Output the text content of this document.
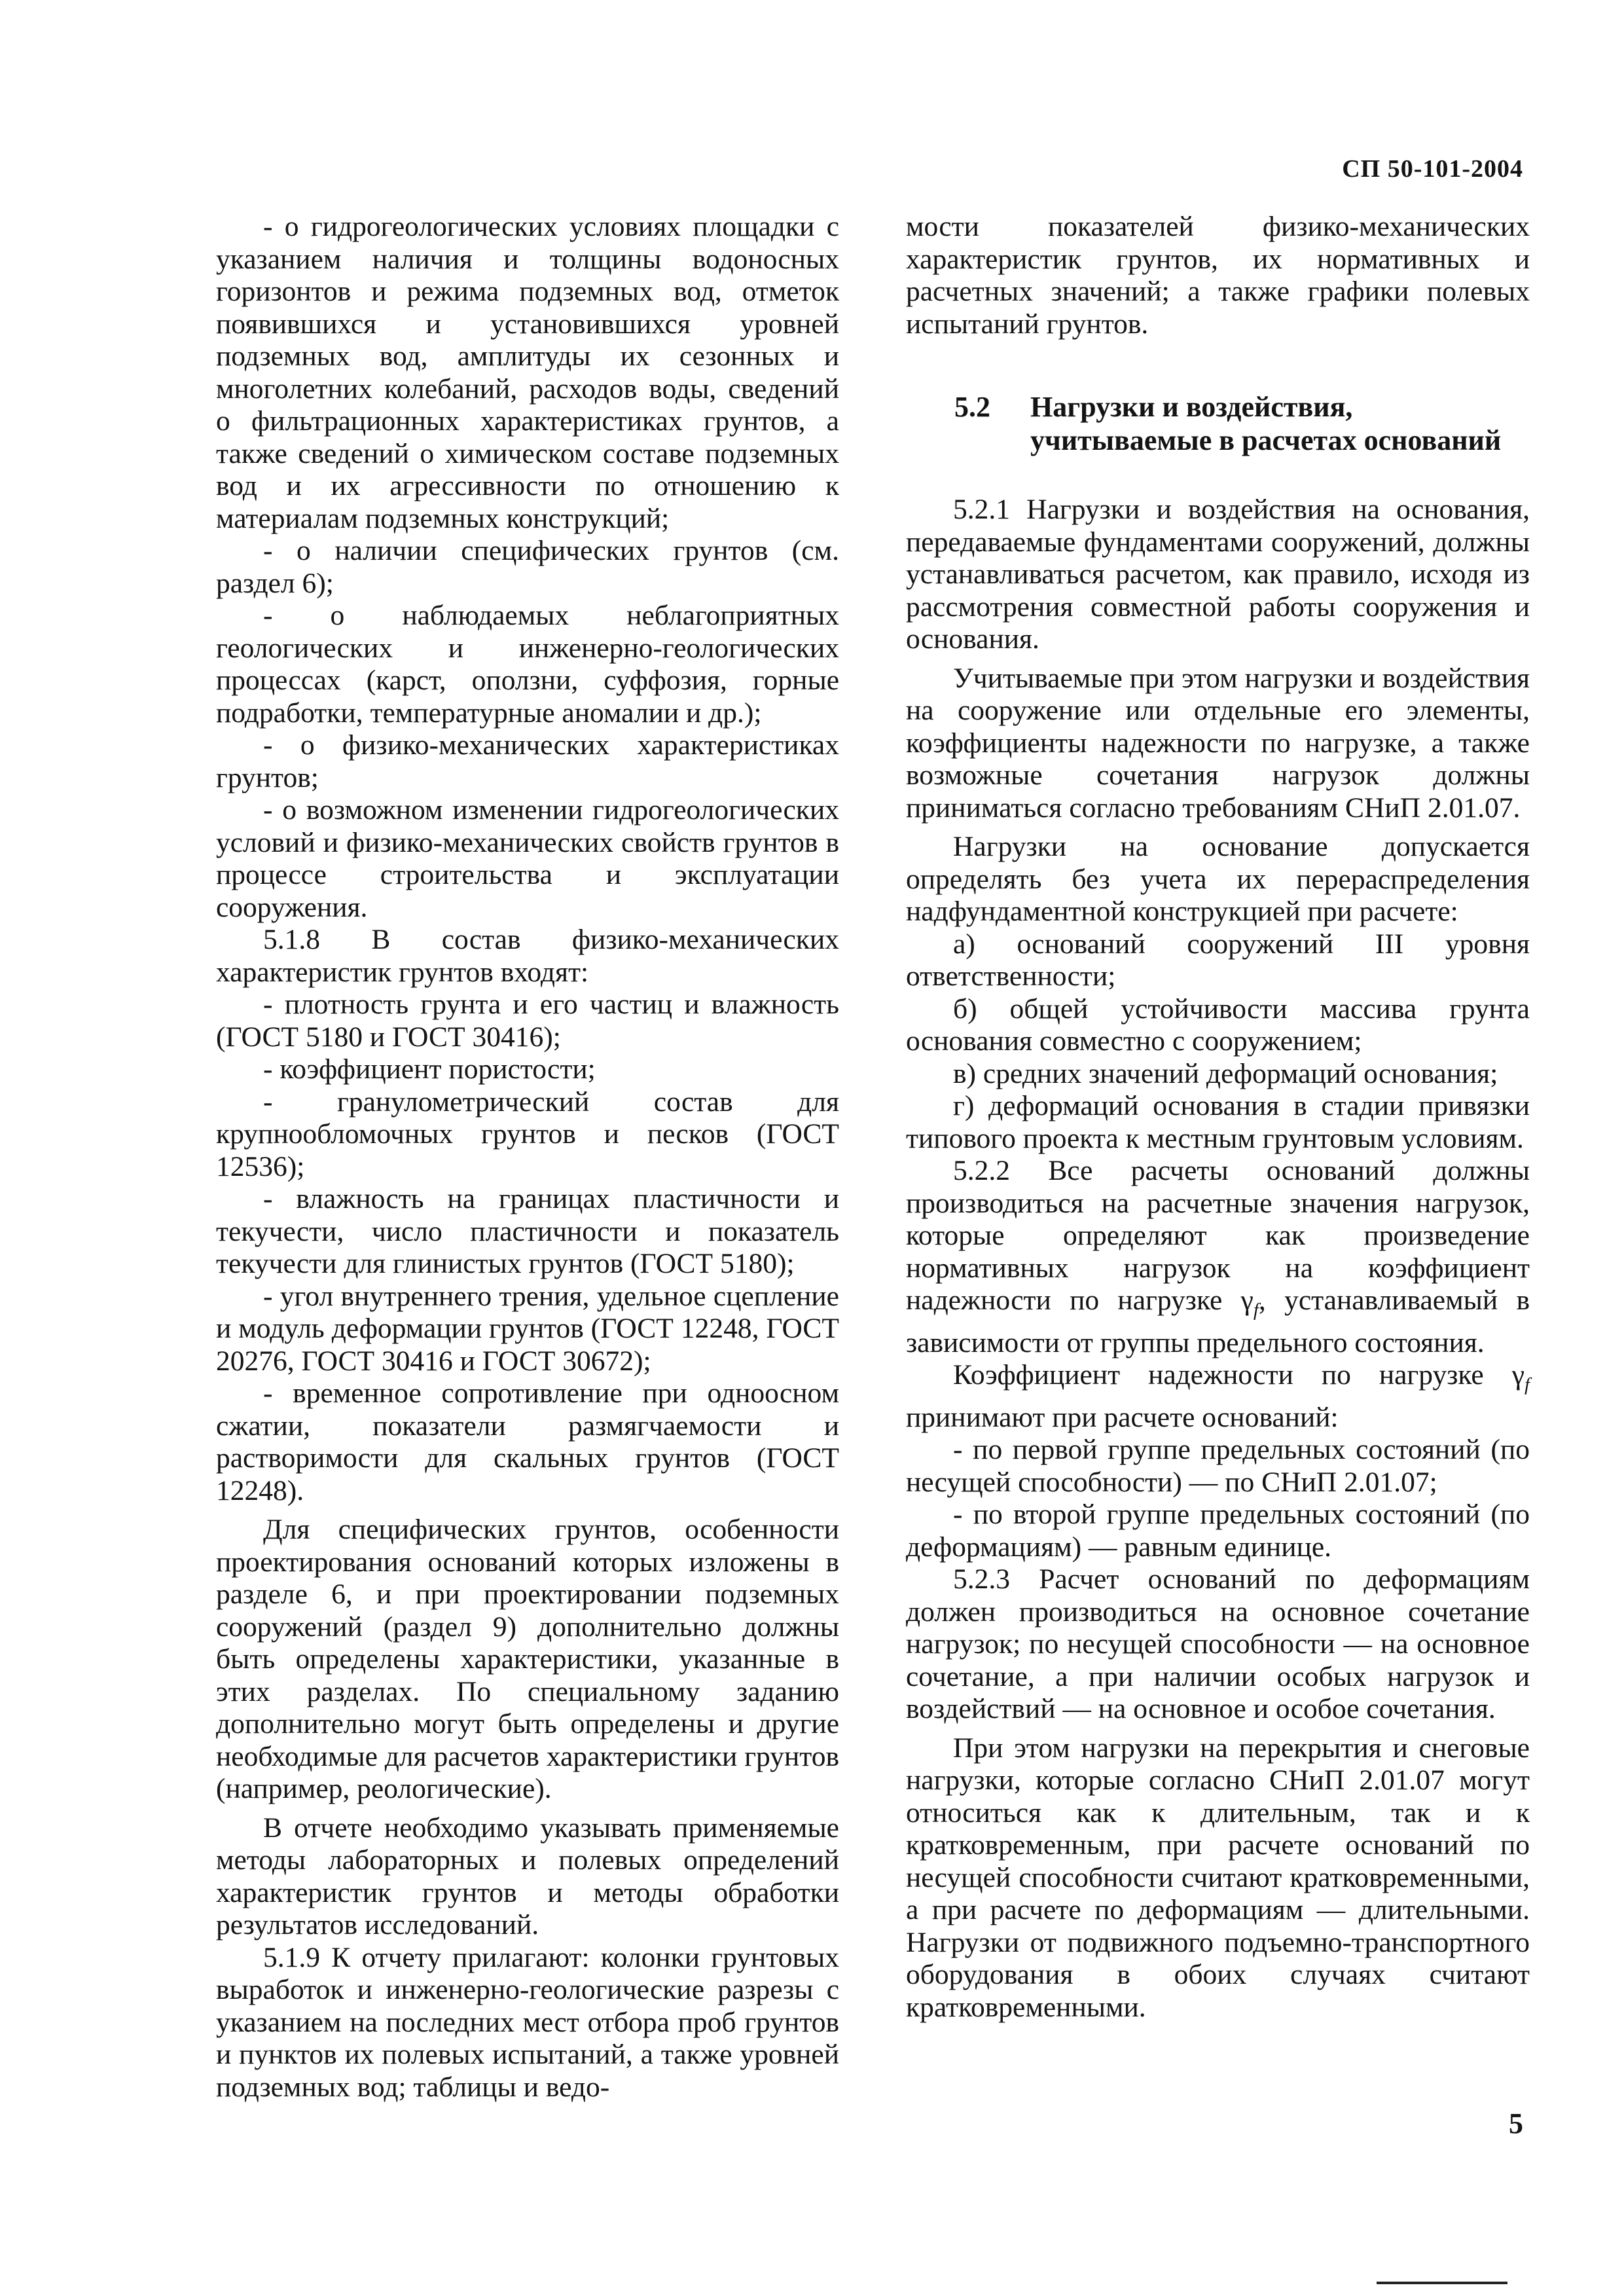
СП 50-101-2004

- о гидрогеологических условиях площадки с указанием наличия и толщины водоносных горизонтов и режима подземных вод, отметок появившихся и установившихся уровней подземных вод, амплитуды их сезонных и многолетних колебаний, расходов воды, сведений о фильтрационных характеристиках грунтов, а также сведений о химическом составе подземных вод и их агрессивности по отношению к материалам подземных конструкций;

- о наличии специфических грунтов (см. раздел 6);

- о наблюдаемых неблагоприятных геологических и инженерно-геологических процессах (карст, оползни, суффозия, горные подработки, температурные аномалии и др.);

- о физико-механических характеристиках грунтов;

- о возможном изменении гидрогеологических условий и физико-механических свойств грунтов в процессе строительства и эксплуатации сооружения.

5.1.8 В состав физико-механических характеристик грунтов входят:

- плотность грунта и его частиц и влажность (ГОСТ 5180 и ГОСТ 30416);

- коэффициент пористости;

- гранулометрический состав для крупнообломочных грунтов и песков (ГОСТ 12536);

- влажность на границах пластичности и текучести, число пластичности и показатель текучести для глинистых грунтов (ГОСТ 5180);

- угол внутреннего трения, удельное сцепление и модуль деформации грунтов (ГОСТ 12248, ГОСТ 20276, ГОСТ 30416 и ГОСТ 30672);

- временное сопротивление при одноосном сжатии, показатели размягчаемости и растворимости для скальных грунтов (ГОСТ 12248).

Для специфических грунтов, особенности проектирования оснований которых изложены в разделе 6, и при проектировании подземных сооружений (раздел 9) дополнительно должны быть определены характеристики, указанные в этих разделах. По специальному заданию дополнительно могут быть определены и другие необходимые для расчетов характеристики грунтов (например, реологические).

В отчете необходимо указывать применяемые методы лабораторных и полевых определений характеристик грунтов и методы обработки результатов исследований.

5.1.9 К отчету прилагают: колонки грунтовых выработок и инженерно-геологические разрезы с указанием на последних мест отбора проб грунтов и пунктов их полевых испытаний, а также уровней подземных вод; таблицы и ведо-

мости показателей физико-механических характеристик грунтов, их нормативных и расчетных значений; а также графики полевых испытаний грунтов.

5.2	Нагрузки и воздействия, учитываемые в расчетах оснований

5.2.1 Нагрузки и воздействия на основания, передаваемые фундаментами сооружений, должны устанавливаться расчетом, как правило, исходя из рассмотрения совместной работы сооружения и основания.

Учитываемые при этом нагрузки и воздействия на сооружение или отдельные его элементы, коэффициенты надежности по нагрузке, а также возможные сочетания нагрузок должны приниматься согласно требованиям СНиП 2.01.07.

Нагрузки на основание допускается определять без учета их перераспределения надфундаментной конструкцией при расчете:

а) оснований сооружений III уровня ответственности;

б) общей устойчивости массива грунта основания совместно с сооружением;

в) средних значений деформаций основания;

г) деформаций основания в стадии привязки типового проекта к местным грунтовым условиям.

5.2.2 Все расчеты оснований должны производиться на расчетные значения нагрузок, которые определяют как произведение нормативных нагрузок на коэффициент надежности по нагрузке $\gamma_f$, устанавливаемый в зависимости от группы предельного состояния.

Коэффициент надежности по нагрузке $\gamma_f$ принимают при расчете оснований:

- по первой группе предельных состояний (по несущей способности) — по СНиП 2.01.07;

- по второй группе предельных состояний (по деформациям) — равным единице.

5.2.3 Расчет оснований по деформациям должен производиться на основное сочетание нагрузок; по несущей способности — на основное сочетание, а при наличии особых нагрузок и воздействий — на основное и особое сочетания.

При этом нагрузки на перекрытия и снеговые нагрузки, которые согласно СНиП 2.01.07 могут относиться как к длительным, так и к кратковременным, при расчете оснований по несущей способности считают кратковременными, а при расчете по деформациям — длительными. Нагрузки от подвижного подъемно-транспортного оборудования в обоих случаях считают кратковременными.

5
